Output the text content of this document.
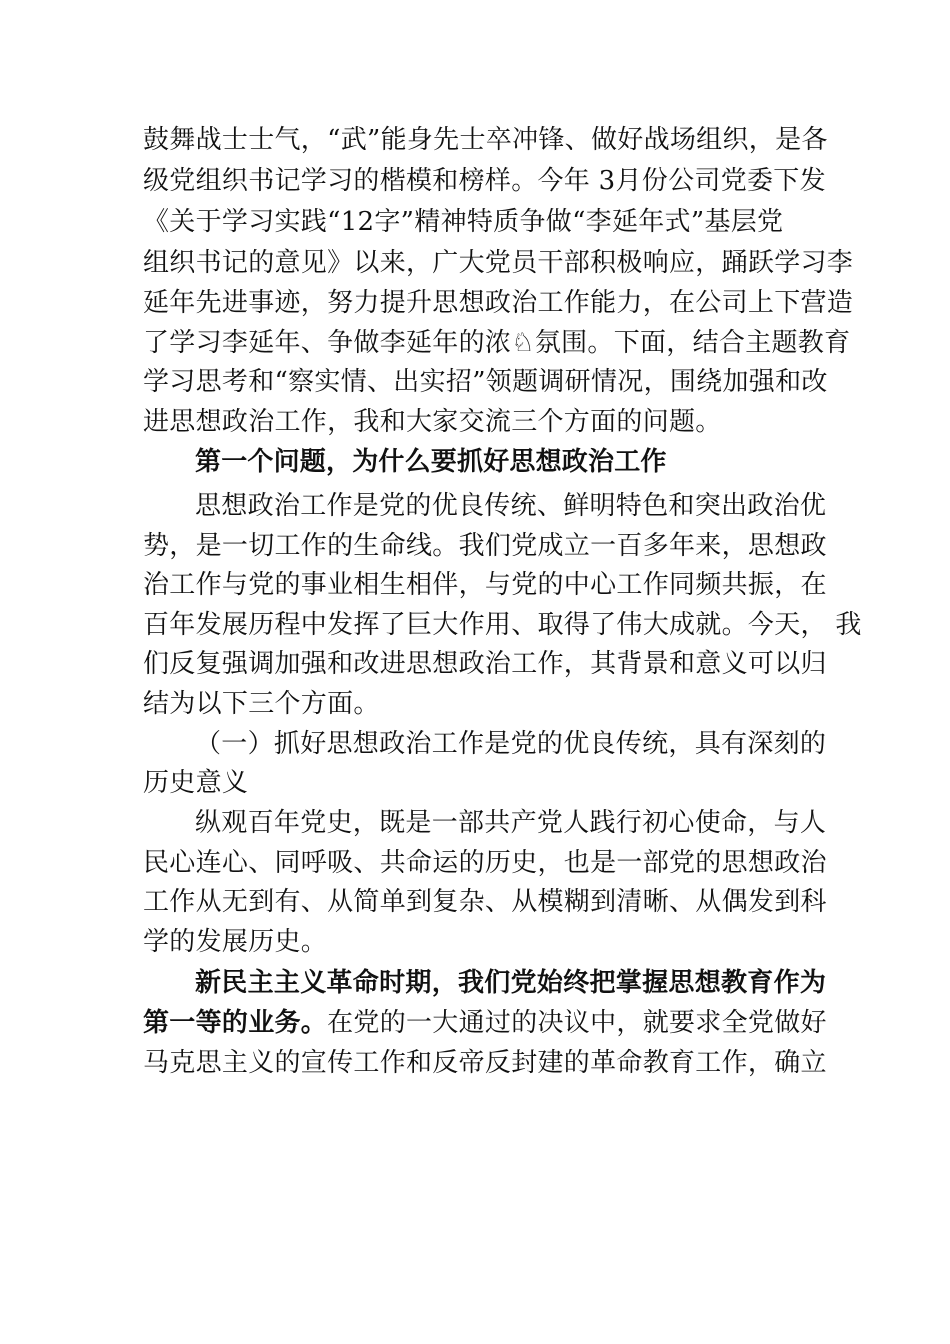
鼓舞战士士气，“武”能身先士卒冲锋、做好战场组织，是各
级党组织书记学习的楷模和榜样。今年 3月份公司党委下发
《关于学习实践“12字”精神特质争做“李延年式”基层党
组织书记的意见》以来，广大党员干部积极响应，踊跃学习李
延年先进事迹，努力提升思想政治工作能力，在公司上下营造
了学习李延年、争做李延年的浓♘氛围。下面，结合主题教育
学习思考和“察实情、出实招”领题调研情况，围绕加强和改
进思想政治工作，我和大家交流三个方面的问题。
第一个问题，为什么要抓好思想政治工作
思想政治工作是党的优良传统、鲜明特色和突出政治优
势，是一切工作的生命线。我们党成立一百多年来，思想政
治工作与党的事业相生相伴，与党的中心工作同频共振，在
百年发展历程中发挥了巨大作用、取得了伟大成就。今天， 我
们反复强调加强和改进思想政治工作，其背景和意义可以归
结为以下三个方面。
（一）抓好思想政治工作是党的优良传统，具有深刻的
历史意义
纵观百年党史，既是一部共产党人践行初心使命，与人
民心连心、同呼吸、共命运的历史，也是一部党的思想政治
工作从无到有、从简单到复杂、从模糊到清晰、从偶发到科
学的发展历史。
新民主主义革命时期，我们党始终把掌握思想教育作为
第一等的业务。在党的一大通过的决议中，就要求全党做好
马克思主义的宣传工作和反帝反封建的革命教育工作，确立
